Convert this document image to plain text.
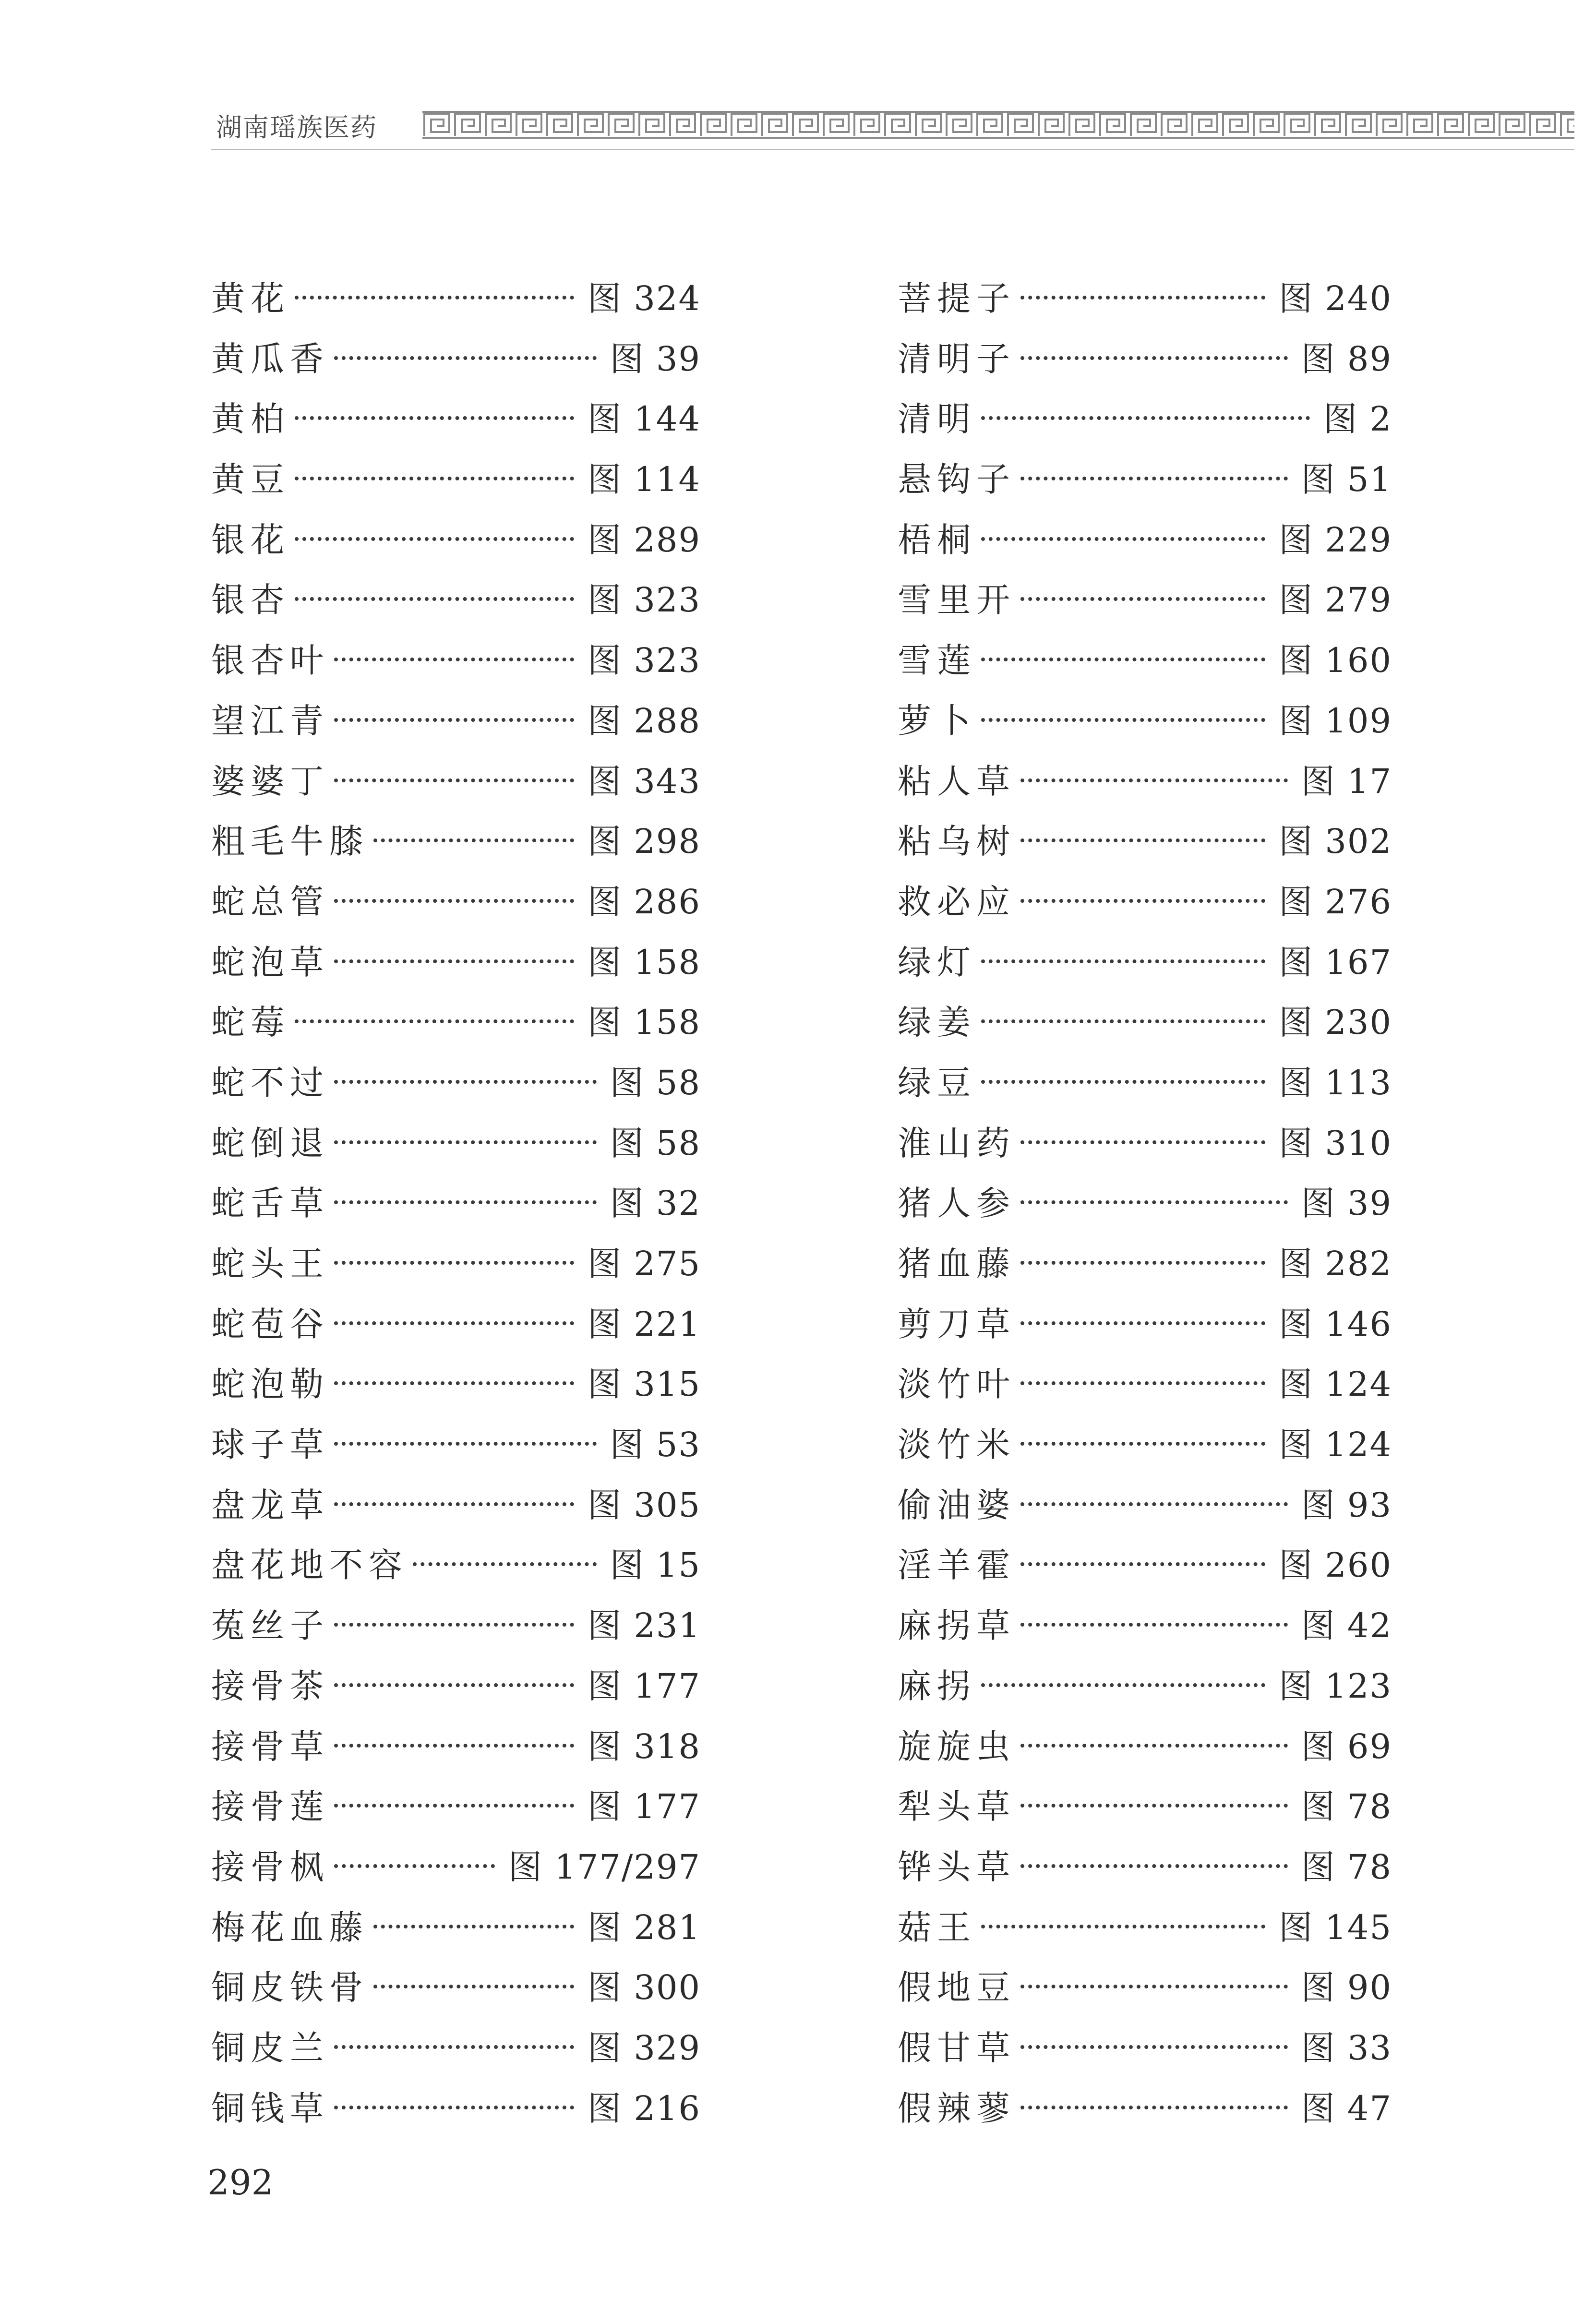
湖南瑶族医药
黄花	图 324
黄瓜香	图 39
黄柏	图 144
黄豆	图 114
银花	图 289
银杏	图 323
银杏叶	图 323
望江青	图 288
婆婆丁	图 343
粗毛牛膝	图 298
蛇总管	图 286
蛇泡草	图 158
蛇莓	图 158
蛇不过	图 58
蛇倒退	图 58
蛇舌草	图 32
蛇头王	图 275
蛇苞谷	图 221
蛇泡勒	图 315
球子草	图 53
盘龙草	图 305
盘花地不容	图 15
菟丝子	图 231
接骨茶	图 177
接骨草	图 318
接骨莲	图 177
接骨枫	图 177/297
梅花血藤	图 281
铜皮铁骨	图 300
铜皮兰	图 329
铜钱草	图 216
菩提子	图 240
清明子	图 89
清明	图 2
悬钩子	图 51
梧桐	图 229
雪里开	图 279
雪莲	图 160
萝卜	图 109
粘人草	图 17
粘乌树	图 302
救必应	图 276
绿灯	图 167
绿姜	图 230
绿豆	图 113
淮山药	图 310
猪人参	图 39
猪血藤	图 282
剪刀草	图 146
淡竹叶	图 124
淡竹米	图 124
偷油婆	图 93
淫羊霍	图 260
麻拐草	图 42
麻拐	图 123
旋旋虫	图 69
犁头草	图 78
铧头草	图 78
菇王	图 145
假地豆	图 90
假甘草	图 33
假辣蓼	图 47
292
